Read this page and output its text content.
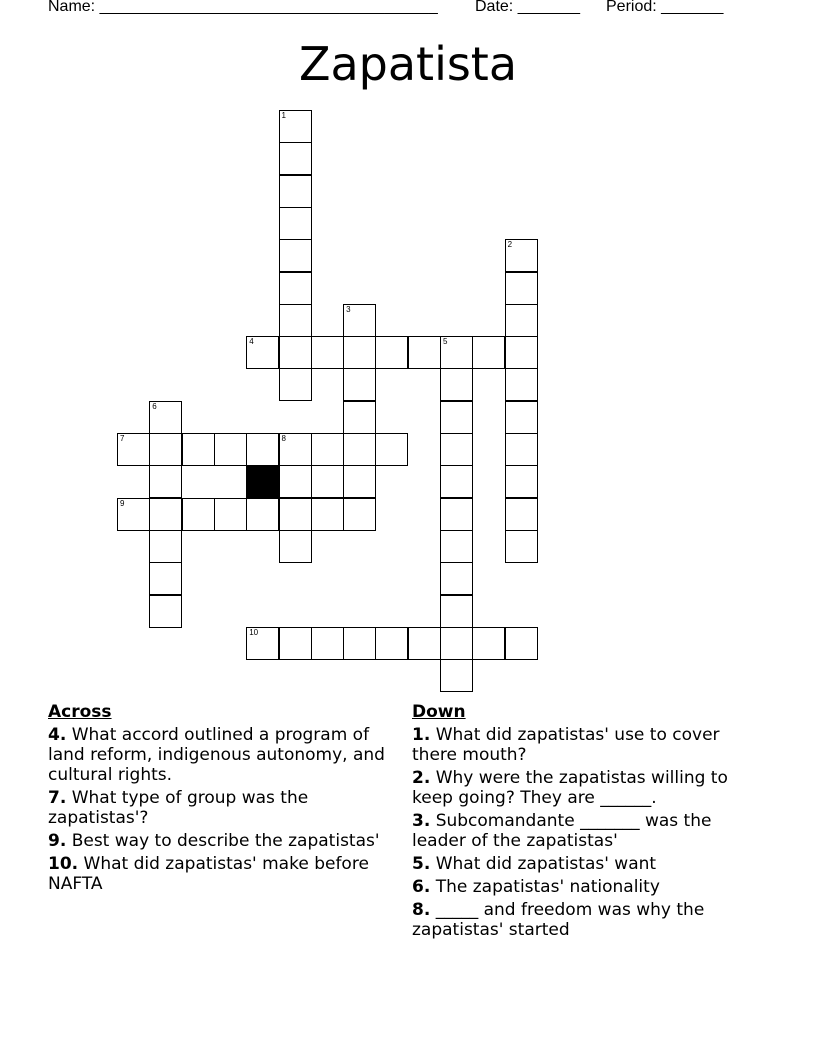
Name: ______________________________________ Date: _______ Period: _______
Zapatista
1
2
3
4	5
6
7	8
9
10
Across
4. What accord outlined a program of land reform, indigenous autonomy, and cultural rights.
7. What type of group was the zapatistas'?
9. Best way to describe the zapatistas'
10. What did zapatistas' make before NAFTA
Down
1. What did zapatistas' use to cover there mouth?
2. Why were the zapatistas willing to keep going? They are ______.
3. Subcomandante _______ was the leader of the zapatistas'
5. What did zapatistas' want
6. The zapatistas' nationality
8. _____ and freedom was why the zapatistas' started
